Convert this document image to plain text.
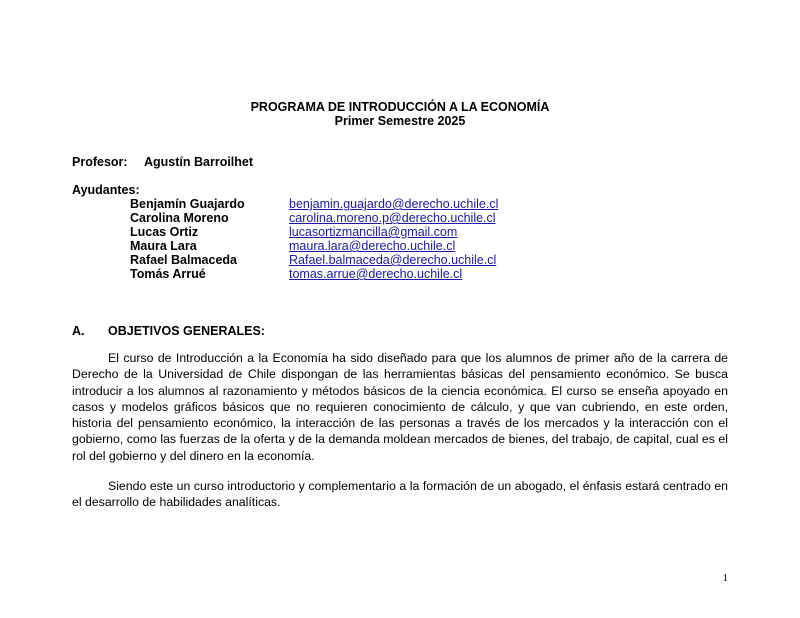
PROGRAMA DE INTRODUCCIÓN A LA ECONOMÍA
Primer Semestre 2025
Profesor: Agustín Barroilhet
Ayudantes:
Benjamín Guajardo	benjamin.guajardo@derecho.uchile.cl
Carolina Moreno	carolina.moreno.p@derecho.uchile.cl
Lucas Ortiz	lucasortizmancilla@gmail.com
Maura Lara	maura.lara@derecho.uchile.cl
Rafael Balmaceda	Rafael.balmaceda@derecho.uchile.cl
Tomás Arrué	tomas.arrue@derecho.uchile.cl
A. OBJETIVOS GENERALES:

El curso de Introducción a la Economía ha sido diseñado para que los alumnos de primer año de la carrera de Derecho de la Universidad de Chile dispongan de las herramientas básicas del pensamiento económico. Se busca introducir a los alumnos al razonamiento y métodos básicos de la ciencia económica. El curso se enseña apoyado en casos y modelos gráficos básicos que no requieren conocimiento de cálculo, y que van cubriendo, en este orden, historia del pensamiento económico, la interacción de las personas a través de los mercados y la interacción con el gobierno, como las fuerzas de la oferta y de la demanda moldean mercados de bienes, del trabajo, de capital, cual es el rol del gobierno y del dinero en la economía.

Siendo este un curso introductorio y complementario a la formación de un abogado, el énfasis estará centrado en el desarrollo de habilidades analíticas.

1
